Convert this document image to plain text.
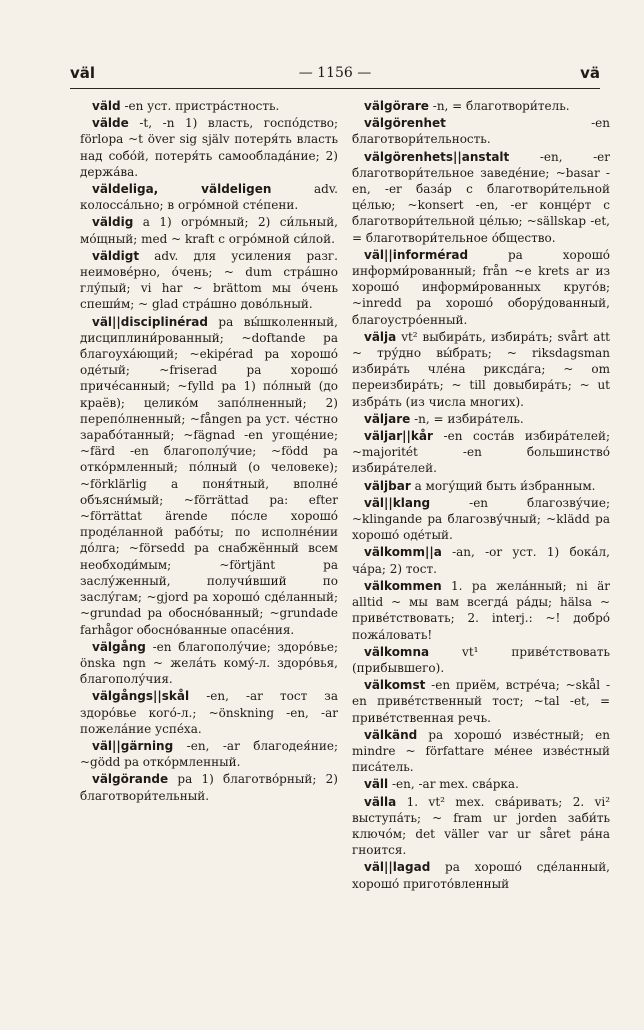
väl	— 1156 —	vä

väld -en уст. пристра́стность.

välde -t, -n 1) власть, госпо́дство; förlора ~t över sig själv потеря́ть власть над собо́й, потеря́ть самооблада́ние; 2) держа́ва.

väldeliga, väldeligen adv. колосса́льно; в огро́мной сте́пени.

väldig a 1) огро́мный; 2) си́льный, мо́щный; med ~ kraft с огро́мной си́лой.

väldigt adv. для усиления разг. неимове́рно, о́чень; ~ dum стра́шно глу́пый; vi har ~ brättom мы о́чень спеши́м; ~ glad стра́шно дово́льный.

väl||disciplinérad pa вы́школенный, дисциплини́рованный; ~doftande pa благоуха́ющий; ~ekipérad pa хорошо́ оде́тый; ~friserad pa хорошо́ приче́санный; ~fylld pa 1) по́лный (до краёв); целико́м запо́лненный; 2) перепо́лненный; ~fången pa уст. че́стно зарабо́танный; ~fägnad -en угоще́ние; ~färd -en благополу́чие; ~född pa отко́рмленный; по́лный (о человеке); ~förklärlig a поня́тный, вполне́ объясни́мый; ~förrättad pa: efter ~förrättat ärende по́сле хорошо́ проде́ланной рабо́ты; по исполне́нии до́лга; ~försedd pa снабжённый всем необходи́мым; ~förtjänt pa заслу́женный, получи́вший по заслу́гам; ~gjord pa хорошо́ сде́ланный; ~grundad pa обосно́ванный; ~grundade farhågor обосно́ванные опасе́ния.

välgång -en благополу́чие; здоро́вье; önska ngn ~ жела́ть кому́-л. здоро́вья, благополу́чия.

välgångs||skål -en, -ar тост за здоро́вье кого́-л.; ~önskning -en, -ar пожела́ние успе́ха.

väl||gärning -en, -ar благодея́ние; ~gödd pa отко́рмленный.

välgörande pa 1) благотво́рный; 2) благотвори́тельный.

välgörare -n, = благотвори́тель.

välgörenhet -en благотвори́тельность.

välgörenhets||anstalt -en, -er благотвори́тельное заведе́ние; ~basar -en, -er база́р с благотвори́тельной це́лью; ~konsert -en, -er конце́рт с благотвори́тельной це́лью; ~sällskap -et, = благотвори́тельное о́бщество.

väl||informérad pa хорошо́ информи́рованный; från ~e krets ar из хорошо́ информи́рованных круго́в; ~inredd pa хорошо́ обору́дованный, благоустро́енный.

välja vt² выбира́ть, избира́ть; svårt att ~ тру́дно вы́брать; ~ riksdagsman избира́ть чле́на риксда́га; ~ om переизбира́ть; ~ till довыбира́ть; ~ ut избра́ть (из числа многих).

väljare -n, = избира́тель.

väljar||kår -en соста́в избира́телей; ~majoritét -en большинство́ избира́телей.

väljbar a могу́щий быть и́збранным.

väl||klang -en благозву́чие; ~klingande pa благозву́чный; ~klädd pa хорошо́ оде́тый.

välkomm||a -an, -or уст. 1) бока́л, ча́ра; 2) тост.

välkommen 1. pa жела́нный; ni är alltid ~ мы вам всегда́ ра́ды; hälsa ~ приве́тствовать; 2. interj.: ~! добро́ пожа́ловать!

välkomna vt¹ приве́тствовать (прибывшего).

välkomst -en приём, встре́ча; ~skål -en приве́тственный тост; ~tal -et, = приве́тственная речь.

välkänd pa хорошо́ изве́стный; en mindre ~ författare ме́нее изве́стный писа́тель.

väll -en, -ar mex. сва́рка.

välla 1. vt² mex. сва́ривать; 2. vi² выступа́ть; ~ fram ur jorden заби́ть ключо́м; det väller var ur såret ра́на гноится.

väl||lagad pa хорошо́ сде́ланный, хорошо́ пригото́вленный
